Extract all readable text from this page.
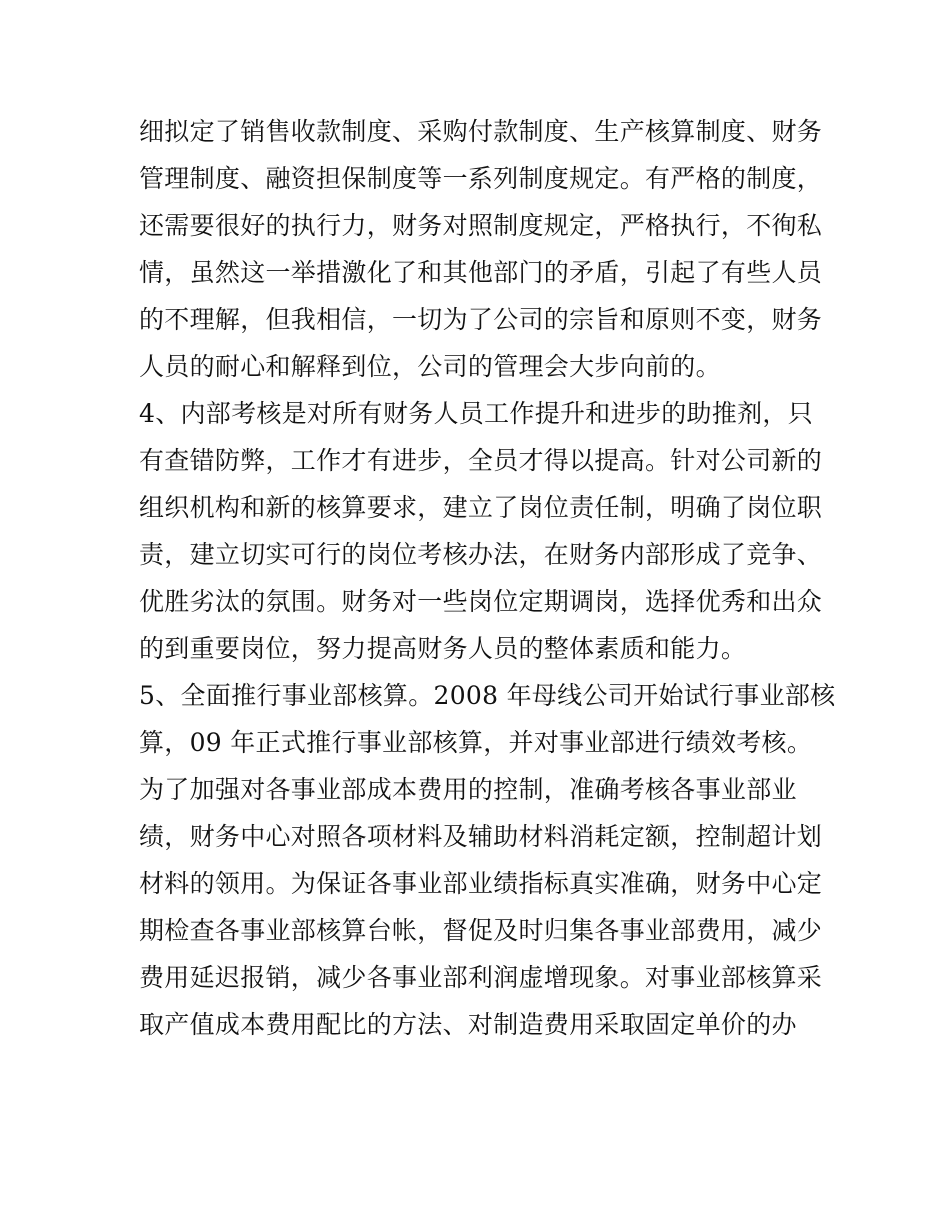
细拟定了销售收款制度、采购付款制度、生产核算制度、财务
管理制度、融资担保制度等一系列制度规定。有严格的制度，
还需要很好的执行力，财务对照制度规定，严格执行，不徇私
情，虽然这一举措激化了和其他部门的矛盾，引起了有些人员
的不理解，但我相信，一切为了公司的宗旨和原则不变，财务
人员的耐心和解释到位，公司的管理会大步向前的。
4、内部考核是对所有财务人员工作提升和进步的助推剂，只
有查错防弊，工作才有进步，全员才得以提高。针对公司新的
组织机构和新的核算要求，建立了岗位责任制，明确了岗位职
责，建立切实可行的岗位考核办法，在财务内部形成了竞争、
优胜劣汰的氛围。财务对一些岗位定期调岗，选择优秀和出众
的到重要岗位，努力提高财务人员的整体素质和能力。
5、全面推行事业部核算。2008 年母线公司开始试行事业部核
算，09 年正式推行事业部核算，并对事业部进行绩效考核。
为了加强对各事业部成本费用的控制，准确考核各事业部业
绩，财务中心对照各项材料及辅助材料消耗定额，控制超计划
材料的领用。为保证各事业部业绩指标真实准确，财务中心定
期检查各事业部核算台帐，督促及时归集各事业部费用，减少
费用延迟报销，减少各事业部利润虚增现象。对事业部核算采
取产值成本费用配比的方法、对制造费用采取固定单价的办
